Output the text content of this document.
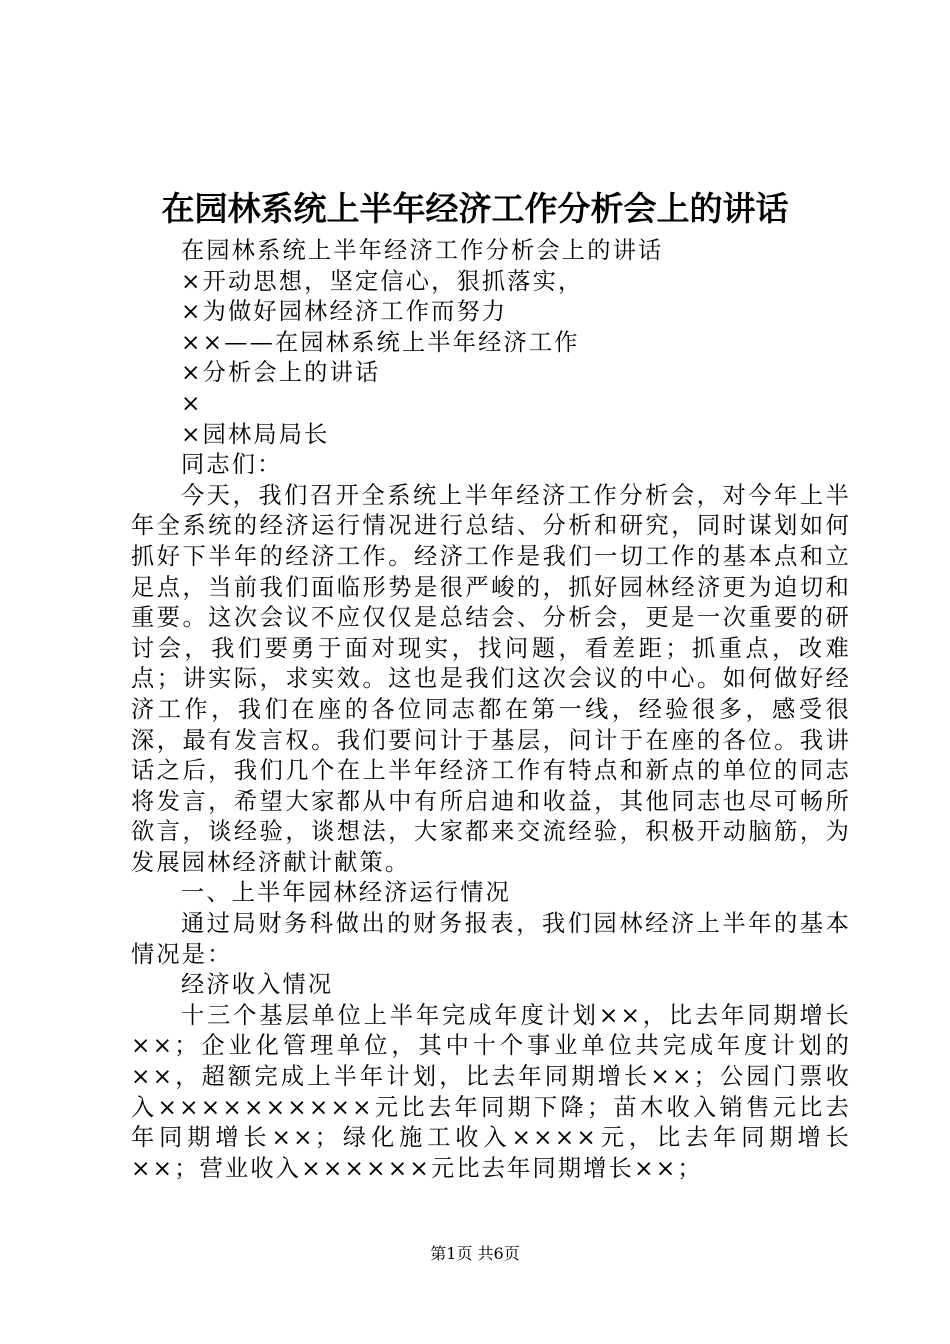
在园林系统上半年经济工作分析会上的讲话

在园林系统上半年经济工作分析会上的讲话

×开动思想，坚定信心，狠抓落实，

×为做好园林经济工作而努力

××——在园林系统上半年经济工作

×分析会上的讲话

×

×园林局局长

同志们：

今天，我们召开全系统上半年经济工作分析会，对今年上半年全系统的经济运行情况进行总结、分析和研究，同时谋划如何抓好下半年的经济工作。经济工作是我们一切工作的基本点和立足点，当前我们面临形势是很严峻的，抓好园林经济更为迫切和重要。这次会议不应仅仅是总结会、分析会，更是一次重要的研讨会，我们要勇于面对现实，找问题，看差距；抓重点，改难点；讲实际，求实效。这也是我们这次会议的中心。如何做好经济工作，我们在座的各位同志都在第一线，经验很多，感受很深，最有发言权。我们要问计于基层，问计于在座的各位。我讲话之后，我们几个在上半年经济工作有特点和新点的单位的同志将发言，希望大家都从中有所启迪和收益，其他同志也尽可畅所欲言，谈经验，谈想法，大家都来交流经验，积极开动脑筋，为发展园林经济献计献策。

一、上半年园林经济运行情况

通过局财务科做出的财务报表，我们园林经济上半年的基本情况是：

经济收入情况

十三个基层单位上半年完成年度计划××，比去年同期增长××；企业化管理单位，其中十个事业单位共完成年度计划的××，超额完成上半年计划，比去年同期增长××；公园门票收入××××××××××元比去年同期下降；苗木收入销售元比去年同期增长××；绿化施工收入××××元，比去年同期增长××；营业收入××××××元比去年同期增长××；

第1页 共6页
